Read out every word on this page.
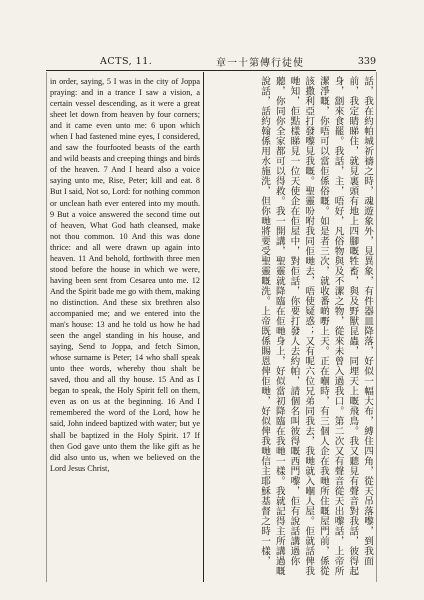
ACTS, 11.	章一十第傳行徒使	339
in order, saying, 5 I was in the city of Joppa praying: and in a trance I saw a vision, a certain vessel descending, as it were a great sheet let down from heaven by four corners; and it came even unto me: 6 upon which when I had fastened mine eyes, I considered, and saw the fourfooted beasts of the earth and wild beasts and creeping things and birds of the heaven. 7 And I heard also a voice saying unto me, Rise, Peter; kill and eat. 8 But I said, Not so, Lord: for nothing common or unclean hath ever entered into my mouth. 9 But a voice answered the second time out of heaven, What God hath cleansed, make not thou common. 10 And this was done thrice: and all were drawn up again into heaven. 11 And behold, forthwith three men stood before the house in which we were, having been sent from Cesarea unto me. 12 And the Spirit bade me go with them, making no distinction. And these six brethren also accompanied me; and we entered into the man's house: 13 and he told us how he had seen the angel standing in his house, and saying, Send to Joppa, and fetch Simon, whose surname is Peter; 14 who shall speak unto thee words, whereby thou shalt be saved, thou and all thy house. 15 And as I began to speak, the Holy Spirit fell on them, even as on us at the beginning. 16 And I remembered the word of the Lord, how he said, John indeed baptized with water; but ye shall be baptized in the Holy Spirit. 17 If then God gave unto them the like gift as he did also unto us, when we believed on the Lord Jesus Christ,	話，我在約帕城祈禱之時，魂遊象外，見異象，有件器皿降落，好似一幅大布，縛住四角，從天吊落嚟，到我面前，我定睛睇住，就見裏頭有地上四腳嘅牲畜，與及野獸昆蟲，同埋天上嘅飛鳥。我又聽見有聲音對我話，彼得起身，劏來食罷。我話，主，唔好，凡俗物與及不潔之物，從來未曾入過我口。第二次又有聲音從天出嚟話，上帝所潔淨嘅，你唔可以當佢係俗嘅。如是者三次，就收番啲嘢上天。正在嗰時，有三個人企在我哋所住嘅屋門前，係從該撒利亞打發嚟見我嘅。聖靈吩咐我同佢哋去，唔使疑惑；又有呢六位兄弟同我去，我哋就入嗰人屋。佢就話俾我哋知，佢點樣睇見一位天使企在佢屋中，對佢話，你要打發人去約帕，請個名叫彼得嘅西門嚟，佢有說話講過你聽，你同你全家都可以得救。我一開講，聖靈就降臨在佢哋身上，好似當初降臨在我哋一樣。我就記得主所講過嘅說話，話約翰係用水施洗，但你哋將要受聖靈嘅洗。上帝既係賜恩俾佢哋，好似俾我哋信主耶穌基督之時一樣，
